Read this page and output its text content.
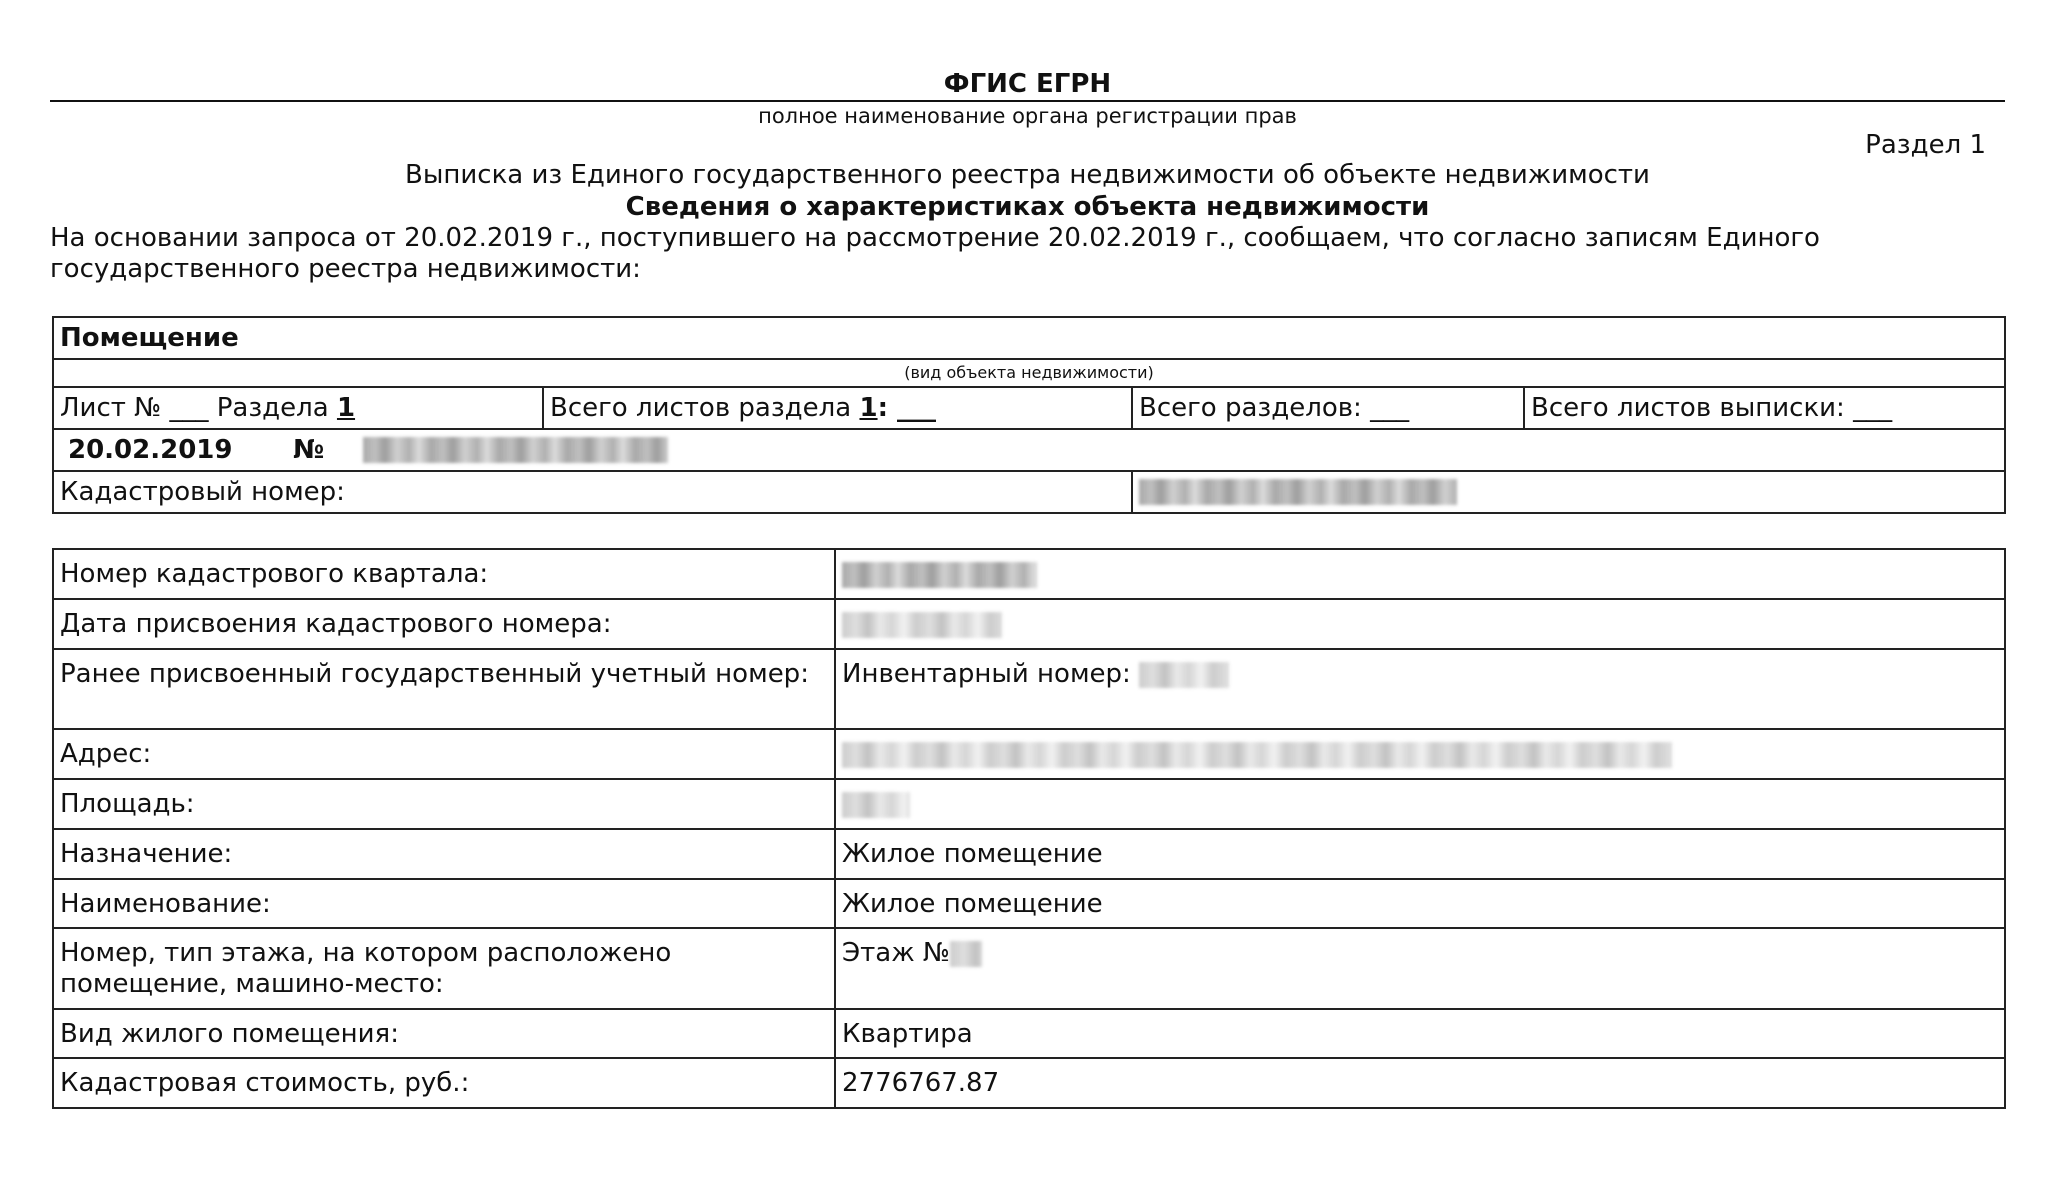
ФГИС ЕГРН
полное наименование органа регистрации прав
Раздел 1
Выписка из Единого государственного реестра недвижимости об объекте недвижимости
Сведения о характеристиках объекта недвижимости
На основании запроса от 20.02.2019 г., поступившего на рассмотрение 20.02.2019 г., сообщаем, что согласно записям Единого государственного реестра недвижимости:
Помещение			
(вид объекта недвижимости)			
Лист № ___ Раздела 1	Всего листов раздела 1: ___	Всего разделов: ___	Всего листов выписки: ___
20.02.2019 №			
Кадастровый номер:			
Номер кадастрового квартала:	
Дата присвоения кадастрового номера:	
Ранее присвоенный государственный учетный номер:	Инвентарный номер:
Адрес:	
Площадь:	
Назначение:	Жилое помещение
Наименование:	Жилое помещение
Номер, тип этажа, на котором расположено помещение, машино-место:	Этаж №
Вид жилого помещения:	Квартира
Кадастровая стоимость, руб.:	2776767.87
